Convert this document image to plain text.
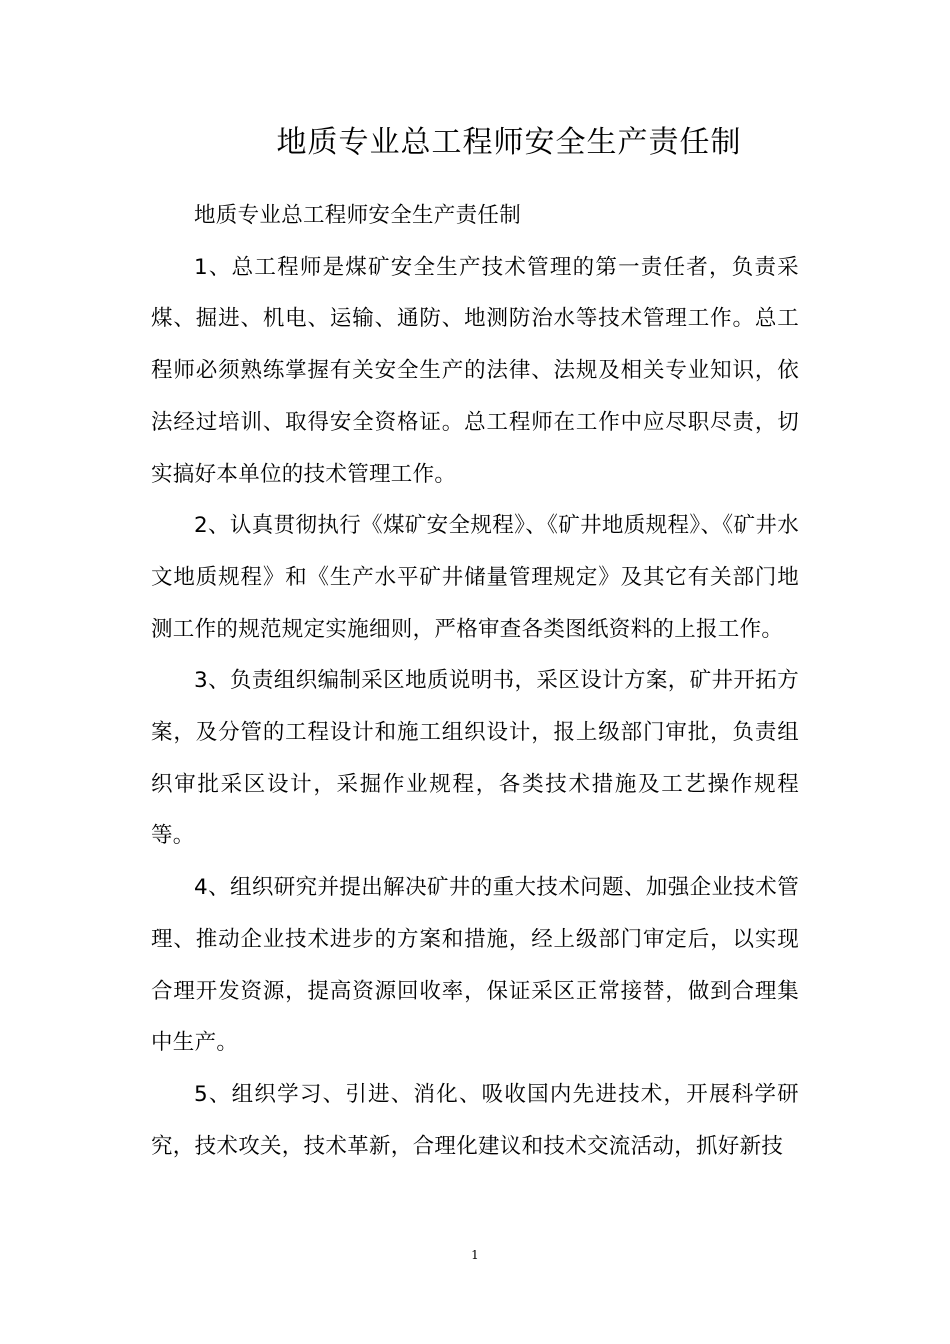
地质专业总工程师安全生产责任制

地质专业总工程师安全生产责任制

1、总工程师是煤矿安全生产技术管理的第一责任者，负责采煤、掘进、机电、运输、通防、地测防治水等技术管理工作。总工程师必须熟练掌握有关安全生产的法律、法规及相关专业知识，依法经过培训、取得安全资格证。总工程师在工作中应尽职尽责，切实搞好本单位的技术管理工作。

2、认真贯彻执行《煤矿安全规程》、《矿井地质规程》、《矿井水文地质规程》和《生产水平矿井储量管理规定》及其它有关部门地测工作的规范规定实施细则，严格审查各类图纸资料的上报工作。

3、负责组织编制采区地质说明书，采区设计方案，矿井开拓方案，及分管的工程设计和施工组织设计，报上级部门审批，负责组织审批采区设计，采掘作业规程，各类技术措施及工艺操作规程等。

4、组织研究并提出解决矿井的重大技术问题、加强企业技术管理、推动企业技术进步的方案和措施，经上级部门审定后，以实现合理开发资源，提高资源回收率，保证采区正常接替，做到合理集中生产。

5、组织学习、引进、消化、吸收国内先进技术，开展科学研究，技术攻关，技术革新，合理化建议和技术交流活动，抓好新技

1
